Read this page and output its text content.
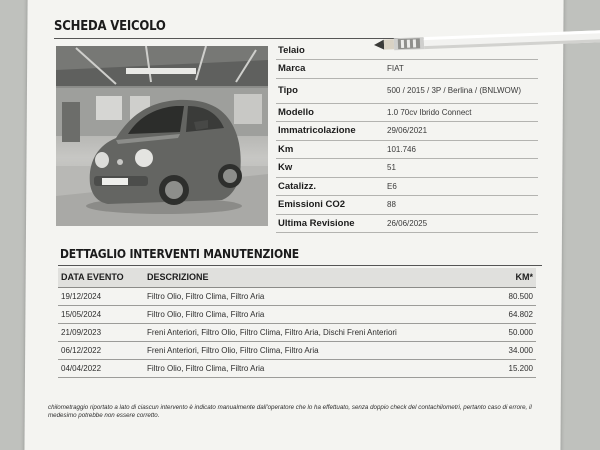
SCHEDA VEICOLO
Telaio	
Marca	FIAT
Tipo	500 / 2015 / 3P / Berlina / (BNLWOW)
Modello	1.0 70cv Ibrido Connect
Immatricolazione	29/06/2021
Km	101.746
Kw	51
Catalizz.	E6
Emissioni CO2	88
Ultima Revisione	26/06/2025
DETTAGLIO INTERVENTI MANUTENZIONE
DATA EVENTO	DESCRIZIONE	KM*
19/12/2024	Filtro Olio, Filtro Clima, Filtro Aria	80.500
15/05/2024	Filtro Olio, Filtro Clima, Filtro Aria	64.802
21/09/2023	Freni Anteriori, Filtro Olio, Filtro Clima, Filtro Aria, Dischi Freni Anteriori	50.000
06/12/2022	Freni Anteriori, Filtro Olio, Filtro Clima, Filtro Aria	34.000
04/04/2022	Filtro Olio, Filtro Clima, Filtro Aria	15.200
chilometraggio riportato a lato di ciascun intervento è indicato manualmente dall'operatore che lo ha effettuato, senza doppio check del contachilometri, pertanto caso di errore, il medesimo potrebbe non essere corretto.
